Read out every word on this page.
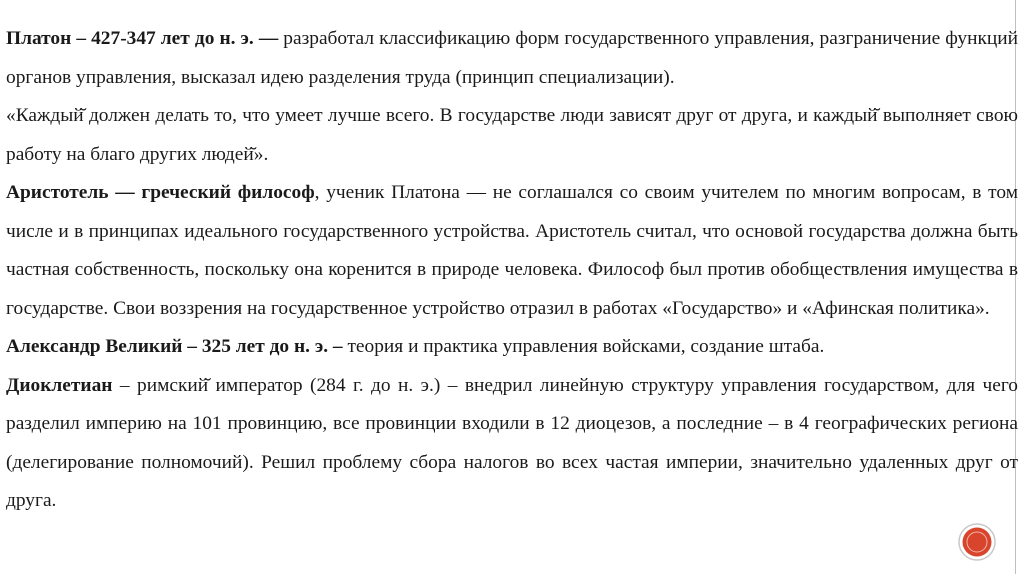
Платон – 427-347 лет до н. э. — разработал классификацию форм государственного управления, разграничение функций органов управления, высказал идею разделения труда (принцип специализации).

«Каждый̆ должен делать то, что умеет лучше всего. В государстве люди зависят друг от друга, и каждый̆ выполняет свою работу на благо других людей̆».

Аристотель — греческий философ, ученик Платона — не соглашался со своим учителем по многим вопросам, в том числе и в принципах идеального государственного устройства. Аристотель считал, что основой государства должна быть частная собственность, поскольку она коренится в природе человека. Философ был против обобществления имущества в государстве. Свои воззрения на государственное устройство отразил в работах «Государство» и «Афинская политика».

Александр Великий – 325 лет до н. э. – теория и практика управления войсками, создание штаба.

Диоклетиан – римский̆ император (284 г. до н. э.) – внедрил линейную структуру управления государством, для чего разделил империю на 101 провинцию, все провинции входили в 12 диоцезов, а последние – в 4 географических региона (делегирование полномочий). Решил проблему сбора налогов во всех частая империи, значительно удаленных друг от друга.
